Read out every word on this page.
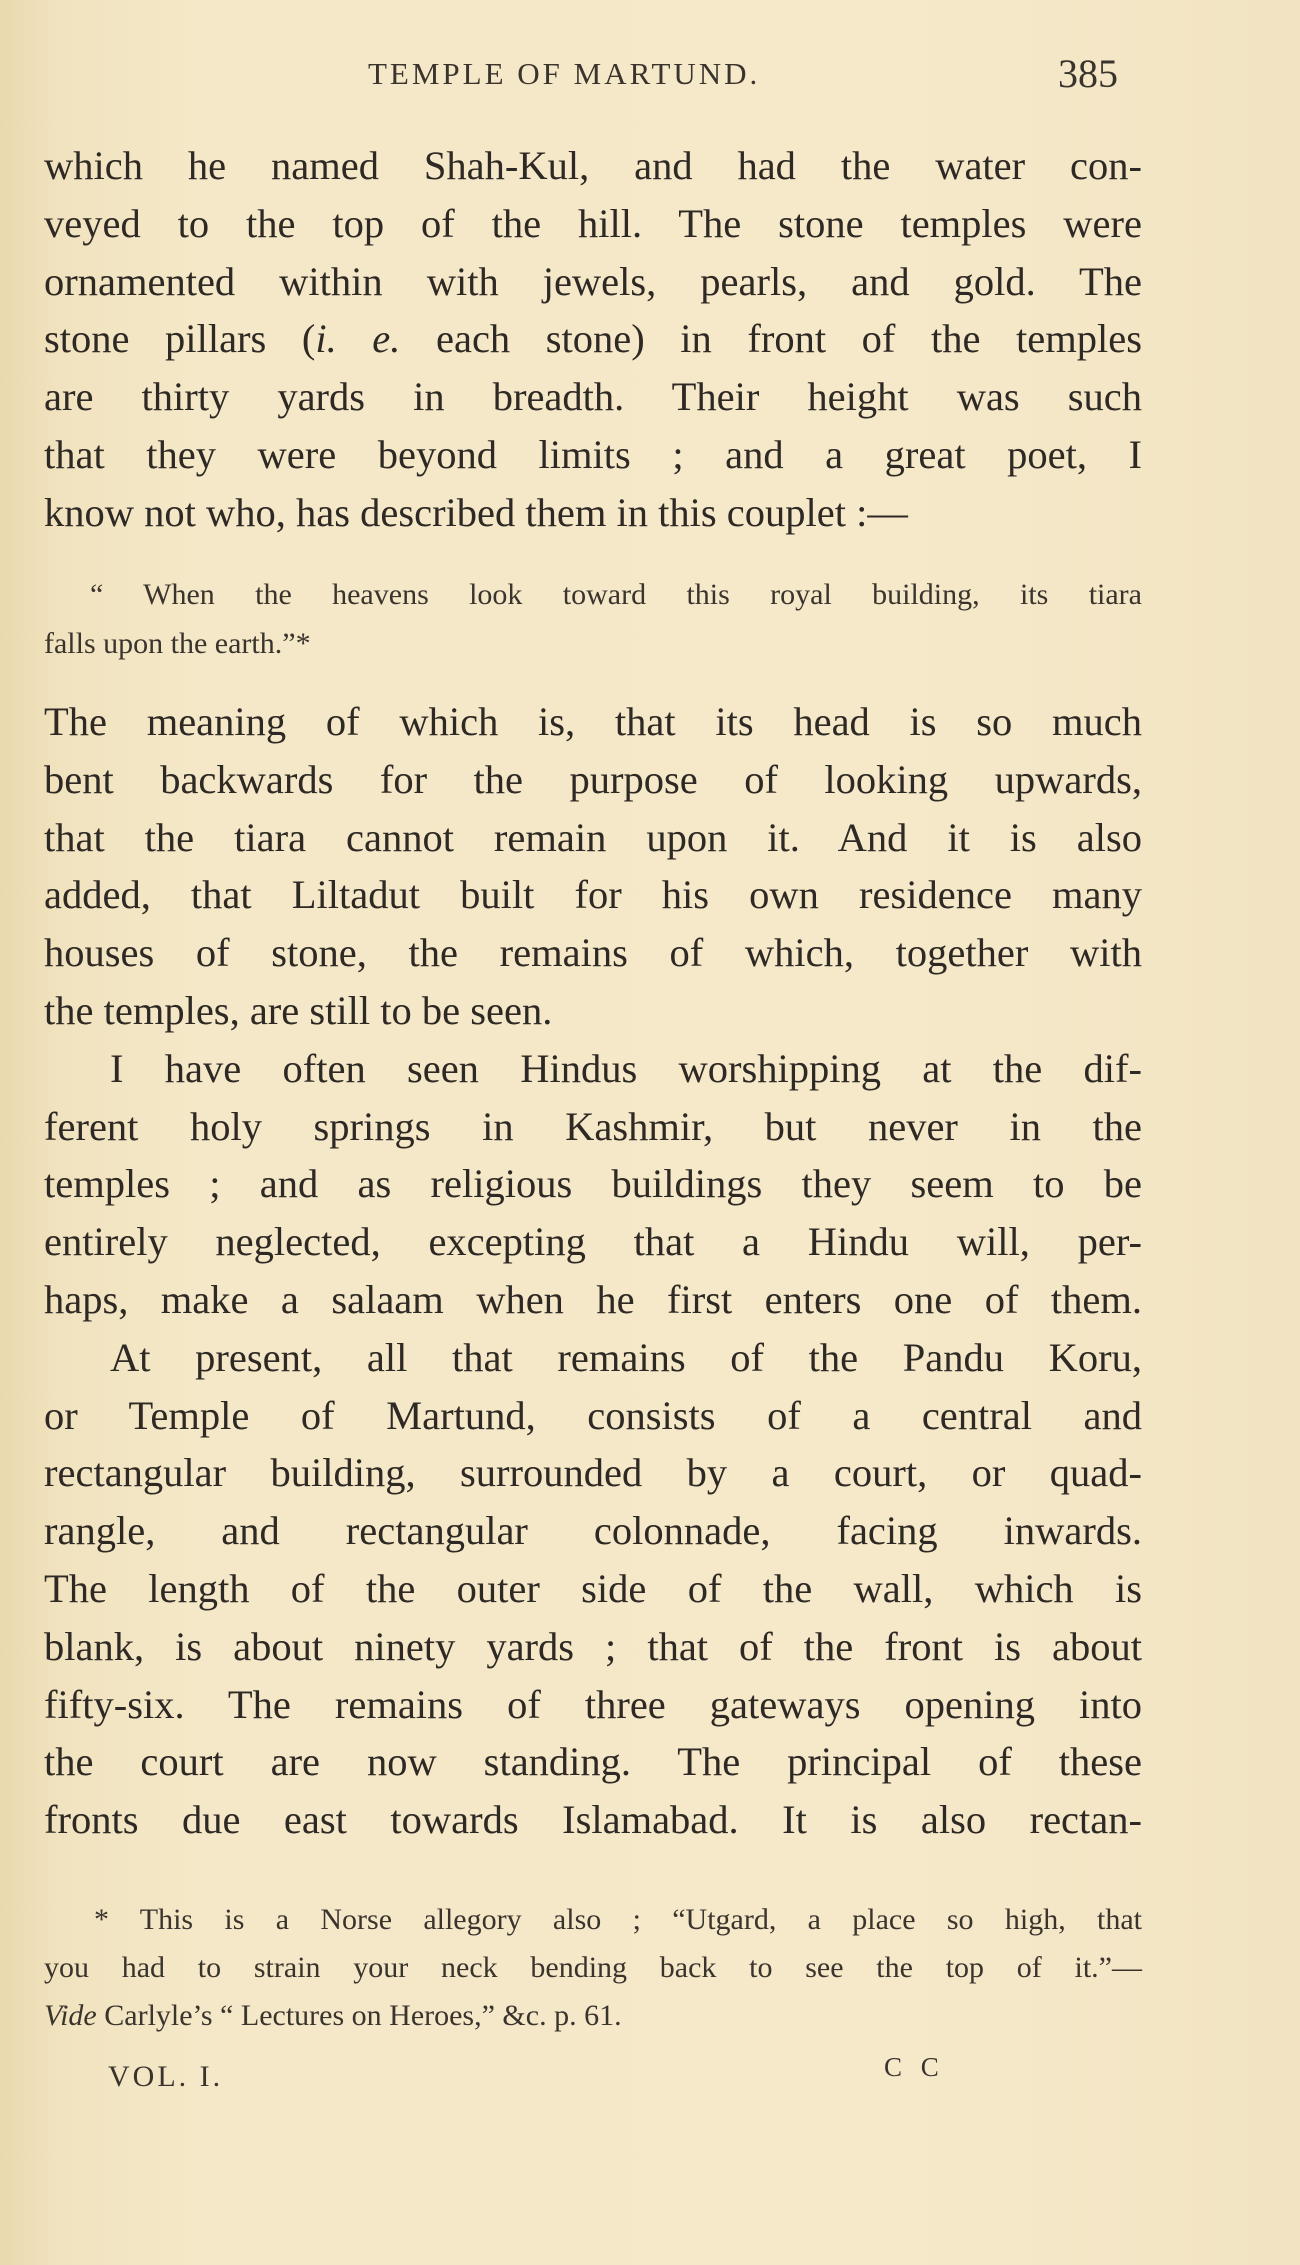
TEMPLE OF MARTUND.	385
which he named Shah-Kul, and had the water con-
veyed to the top of the hill. The stone temples were
ornamented within with jewels, pearls, and gold. The
stone pillars (i. e. each stone) in front of the temples
are thirty yards in breadth. Their height was such
that they were beyond limits ; and a great poet, I
know not who, has described them in this couplet :—
“ When the heavens look toward this royal building, its tiara
falls upon the earth.”*
The meaning of which is, that its head is so much
bent backwards for the purpose of looking upwards,
that the tiara cannot remain upon it. And it is also
added, that Liltadut built for his own residence many
houses of stone, the remains of which, together with
the temples, are still to be seen.
I have often seen Hindus worshipping at the dif-
ferent holy springs in Kashmir, but never in the
temples ; and as religious buildings they seem to be
entirely neglected, excepting that a Hindu will, per-
haps, make a salaam when he first enters one of them.
At present, all that remains of the Pandu Koru,
or Temple of Martund, consists of a central and
rectangular building, surrounded by a court, or quad-
rangle, and rectangular colonnade, facing inwards.
The length of the outer side of the wall, which is
blank, is about ninety yards ; that of the front is about
fifty-six. The remains of three gateways opening into
the court are now standing. The principal of these
fronts due east towards Islamabad. It is also rectan-
* This is a Norse allegory also ; “Utgard, a place so high, that
you had to strain your neck bending back to see the top of it.”—
Vide Carlyle’s “ Lectures on Heroes,” &c. p. 61.
VOL. I.	C C
